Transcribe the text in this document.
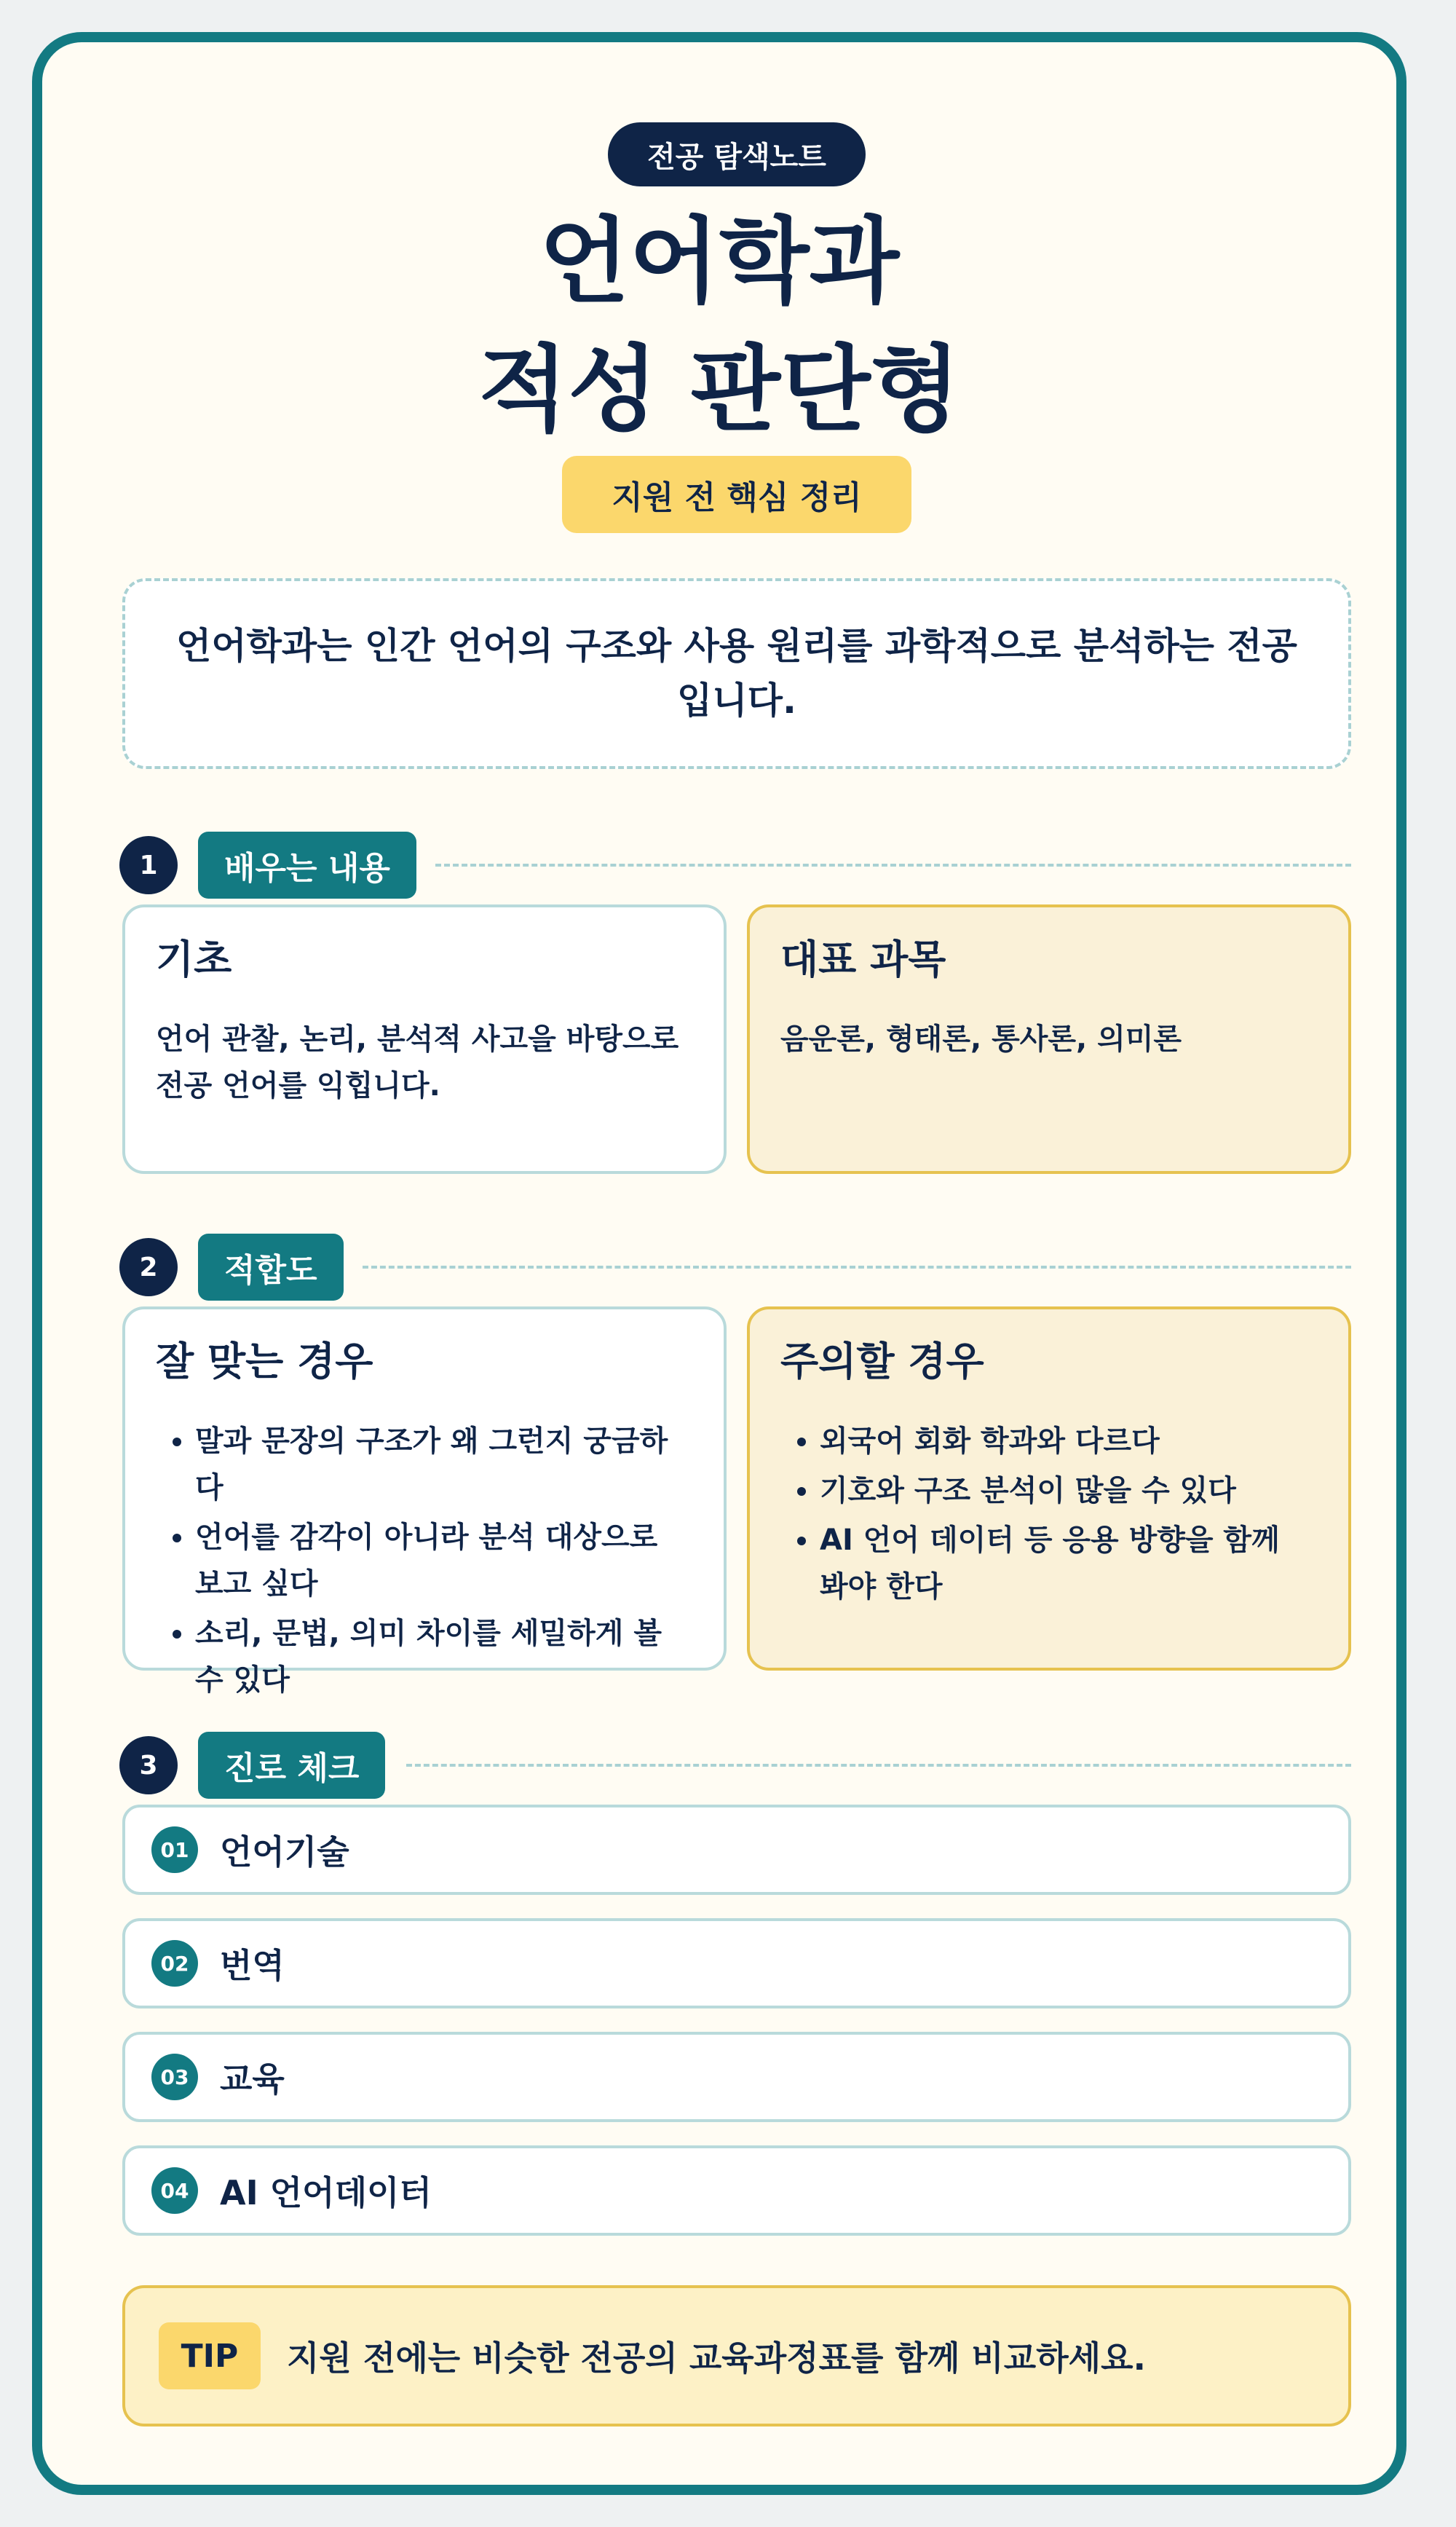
전공 탐색노트
언어학과
적성 판단형
지원 전 핵심 정리
언어학과는 인간 언어의 구조와 사용 원리를 과학적으로 분석하는 전공입니다.
1	배우는 내용
기초

언어 관찰, 논리, 분석적 사고을 바탕으로 전공 언어를 익힙니다.

대표 과목

음운론, 형태론, 통사론, 의미론

2	적합도
잘 맞는 경우
• 말과 문장의 구조가 왜 그런지 궁금하다
• 언어를 감각이 아니라 분석 대상으로 보고 싶다
• 소리, 문법, 의미 차이를 세밀하게 볼 수 있다
주의할 경우
• 외국어 회화 학과와 다르다
• 기호와 구조 분석이 많을 수 있다
• AI 언어 데이터 등 응용 방향을 함께 봐야 한다
3	진로 체크
01 언어기술
02 번역
03 교육
04 AI 언어데이터
TIP	지원 전에는 비슷한 전공의 교육과정표를 함께 비교하세요.
